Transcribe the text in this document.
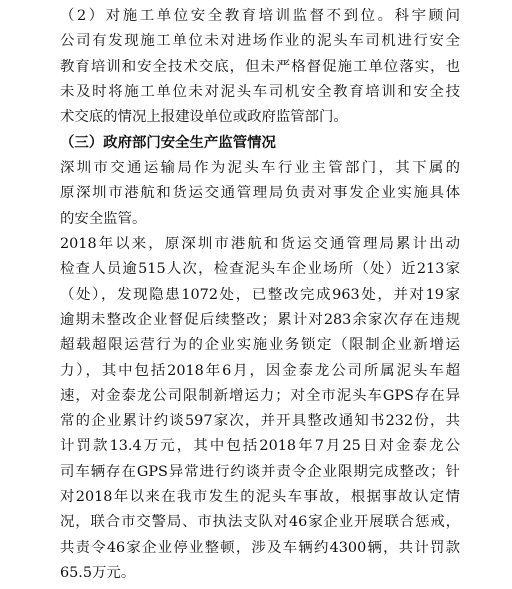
（2）对施工单位安全教育培训监督不到位。科宇顾问
公司有发现施工单位未对进场作业的泥头车司机进行安全
教育培训和安全技术交底，但未严格督促施工单位落实，也
未及时将施工单位未对泥头车司机安全教育培训和安全技
术交底的情况上报建设单位或政府监管部门。
（三）政府部门安全生产监管情况
深圳市交通运输局作为泥头车行业主管部门，其下属的
原深圳市港航和货运交通管理局负责对事发企业实施具体
的安全监管。
2018年以来，原深圳市港航和货运交通管理局累计出动
检查人员逾515人次，检查泥头车企业场所（处）近213家
（处），发现隐患1072处，已整改完成963处，并对19家
逾期未整改企业督促后续整改；累计对283余家次存在违规
超载超限运营行为的企业实施业务锁定（限制企业新增运
力），其中包括2018年6月，因金泰龙公司所属泥头车超
速，对金泰龙公司限制新增运力；对全市泥头车GPS存在异
常的企业累计约谈597家次，并开具整改通知书232份，共
计罚款13.4万元，其中包括2018年7月25日对金泰龙公
司车辆存在GPS异常进行约谈并责令企业限期完成整改；针
对2018年以来在我市发生的泥头车事故，根据事故认定情
况，联合市交警局、市执法支队对46家企业开展联合惩戒，
共责令46家企业停业整顿，涉及车辆约4300辆，共计罚款
65.5万元。
